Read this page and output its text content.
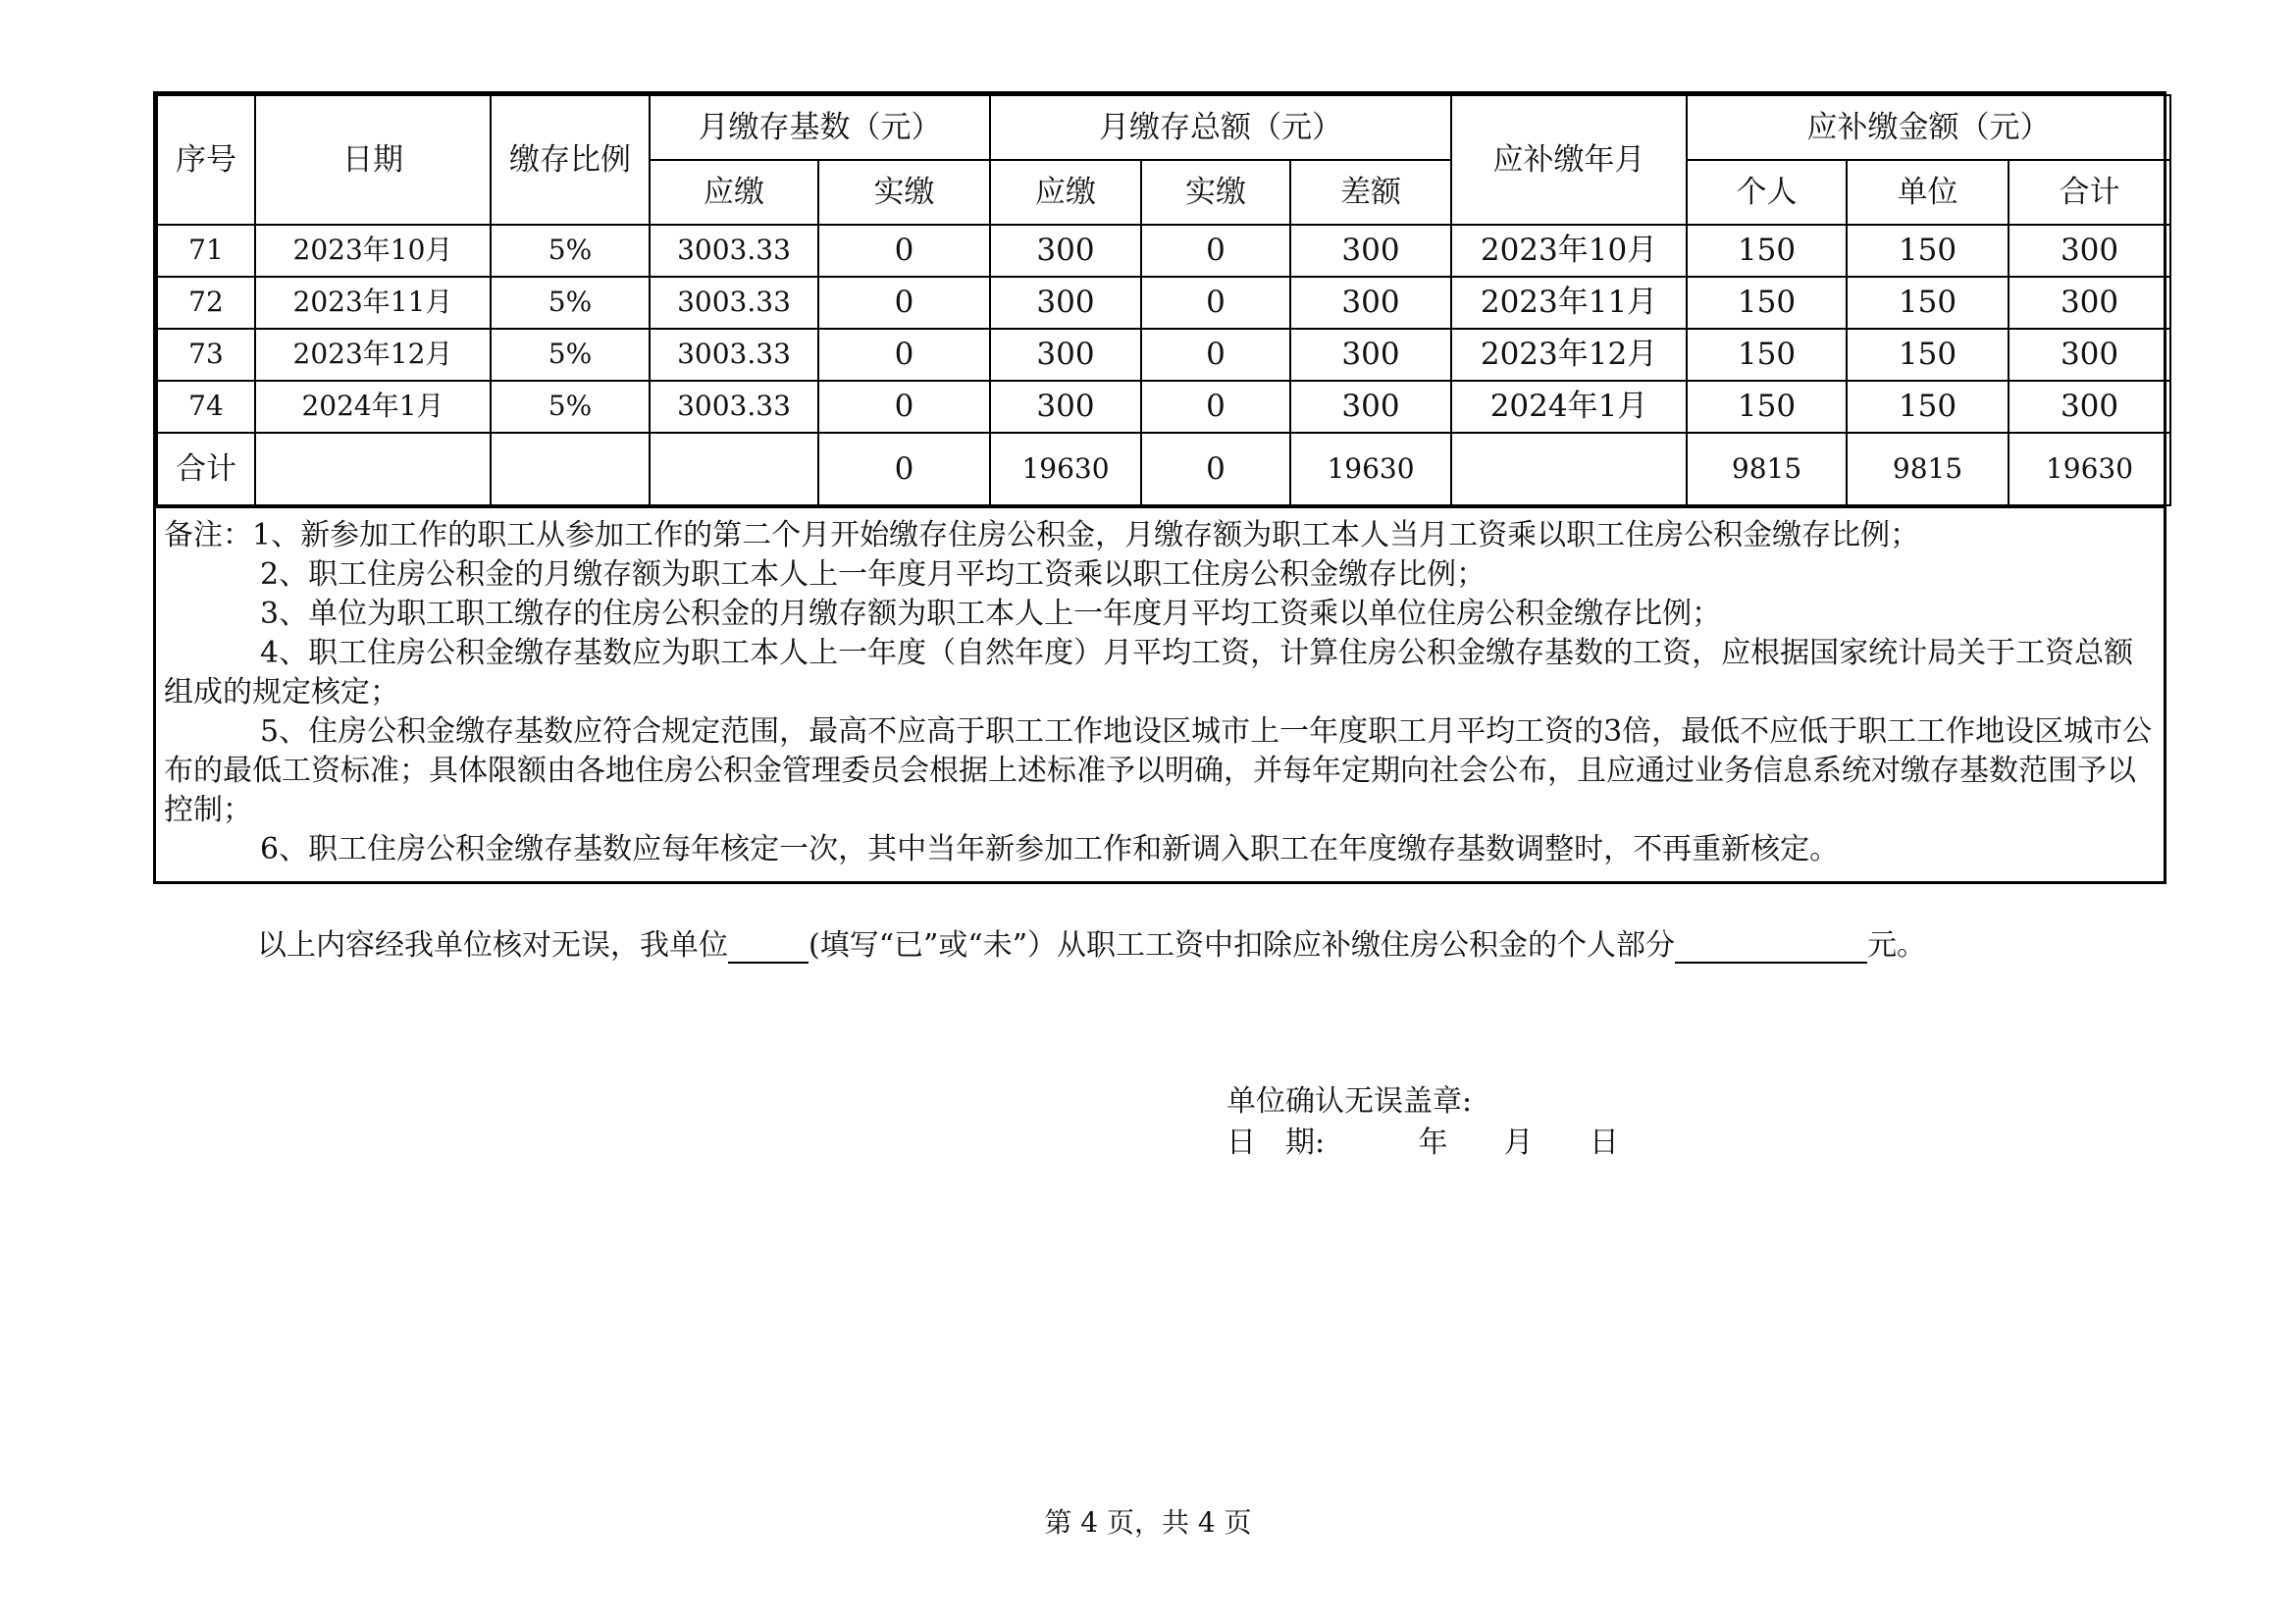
序号	日期	缴存比例	月缴存基数（元）		月缴存总额（元）			应补缴年月	应补缴金额（元）		
			应缴	实缴	应缴	实缴	差额		个人	单位	合计
71	2023年10月	5%	3003.33	0	300	0	300	2023年10月	150	150	300
72	2023年11月	5%	3003.33	0	300	0	300	2023年11月	150	150	300
73	2023年12月	5%	3003.33	0	300	0	300	2023年12月	150	150	300
74	2024年1月	5%	3003.33	0	300	0	300	2024年1月	150	150	300
合计				0	19630	0	19630		9815	9815	19630

备注：1、新参加工作的职工从参加工作的第二个月开始缴存住房公积金，月缴存额为职工本人当月工资乘以职工住房公积金缴存比例；

2、职工住房公积金的月缴存额为职工本人上一年度月平均工资乘以职工住房公积金缴存比例；

3、单位为职工职工缴存的住房公积金的月缴存额为职工本人上一年度月平均工资乘以单位住房公积金缴存比例；

4、职工住房公积金缴存基数应为职工本人上一年度（自然年度）月平均工资，计算住房公积金缴存基数的工资，应根据国家统计局关于工资总额组成的规定核定；

5、住房公积金缴存基数应符合规定范围，最高不应高于职工工作地设区城市上一年度职工月平均工资的3倍，最低不应低于职工工作地设区城市公布的最低工资标准；具体限额由各地住房公积金管理委员会根据上述标准予以明确，并每年定期向社会公布，且应通过业务信息系统对缴存基数范围予以控制；

6、职工住房公积金缴存基数应每年核定一次，其中当年新参加工作和新调入职工在年度缴存基数调整时，不再重新核定。

以上内容经我单位核对无误，我单位	(填写“已”或“未”）从职工工资中扣除应补缴住房公积金的个人部分	元。
单位确认无误盖章:
日　期:          年      月      日
第 4 页，共 4 页
